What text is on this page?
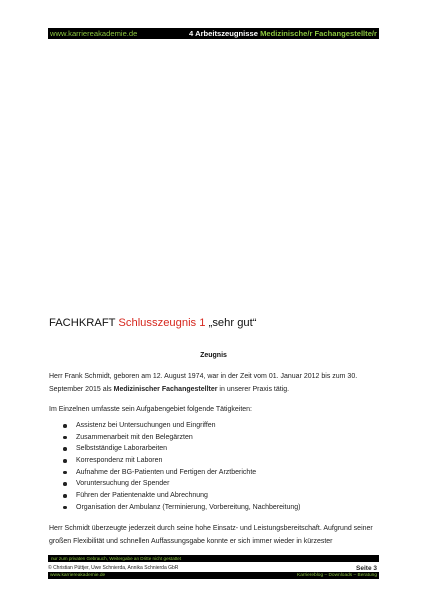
www.karriereakademie.de	4 Arbeitszeugnisse Medizinische/r Fachangestellte/r
FACHKRAFT Schlusszeugnis 1 „sehr gut“
Zeugnis
Herr Frank Schmidt, geboren am 12. August 1974, war in der Zeit vom 01. Januar 2012 bis zum 30. September 2015 als Medizinischer Fachangestellter in unserer Praxis tätig.
Im Einzelnen umfasste sein Aufgabengebiet folgende Tätigkeiten:
Assistenz bei Untersuchungen und Eingriffen
Zusammenarbeit mit den Belegärzten
Selbstständige Laborarbeiten
Korrespondenz mit Laboren
Aufnahme der BG-Patienten und Fertigen der Arztberichte
Voruntersuchung der Spender
Führen der Patientenakte und Abrechnung
Organisation der Ambulanz (Terminierung, Vorbereitung, Nachbereitung)
Herr Schmidt überzeugte jederzeit durch seine hohe Einsatz- und Leistungsbereitschaft. Aufgrund seiner großen Flexibilität und schnellen Auffassungsgabe konnte er sich immer wieder in kürzester
nur zum privaten Gebrauch, Weitergabe an Dritte nicht gestattet
© Christian Püttjer, Uwe Schnierda, Annika Schnierda GbR	Seite 3
www.karriereakademie.de	Karriereblog – Downloads – Beratung
